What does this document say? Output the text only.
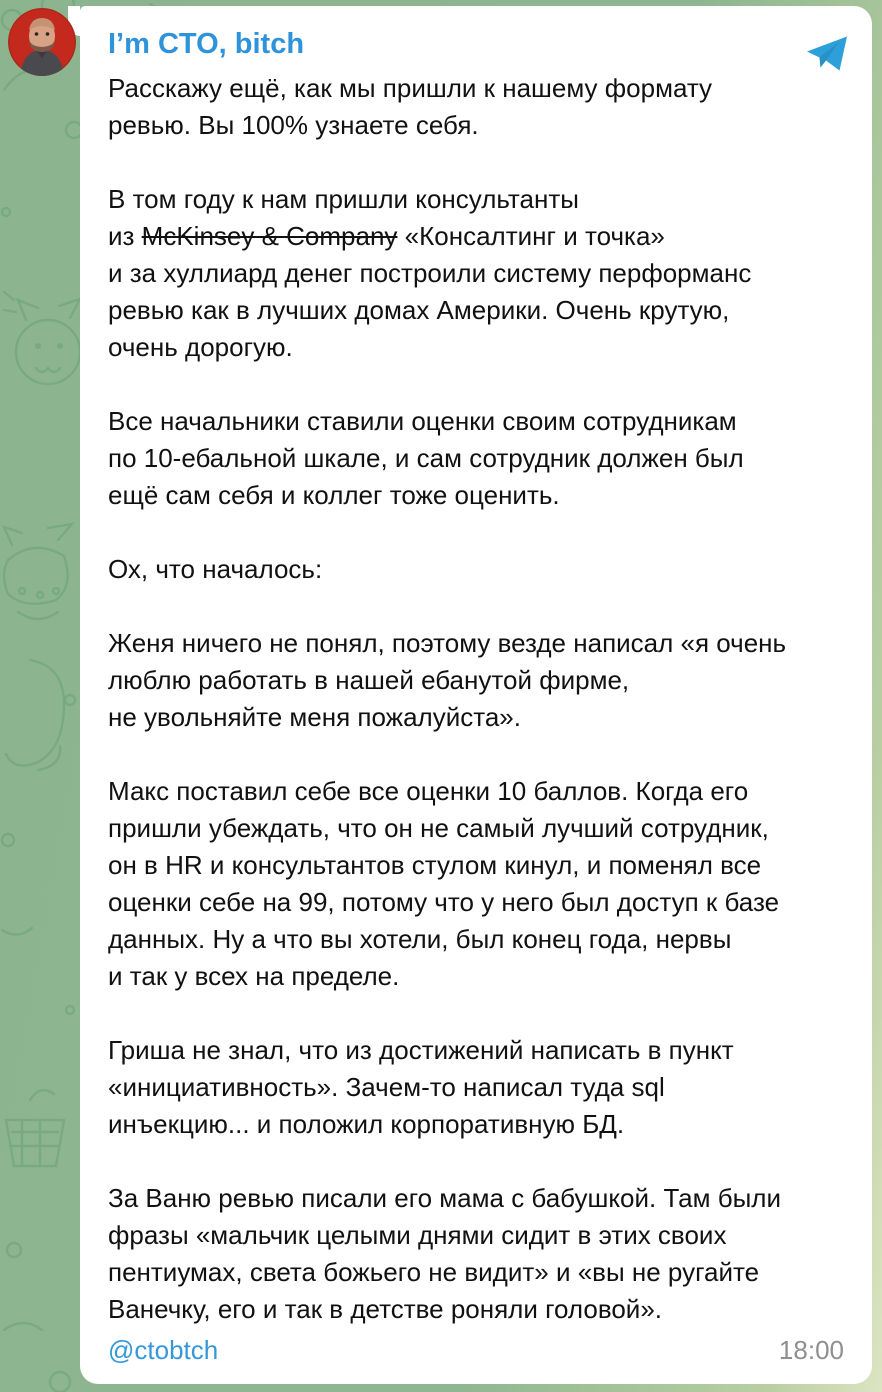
I’m CTO, bitch
Расскажу ещё, как мы пришли к нашему формату
ревью. Вы 100% узнаете себя.
В том году к нам пришли консультанты
из McKinsey & Company «Консалтинг и точка»
и за хуллиард денег построили систему перформанс
ревью как в лучших домах Америки. Очень крутую,
очень дорогую.
Все начальники ставили оценки своим сотрудникам
по 10-ебальной шкале, и сам сотрудник должен был
ещё сам себя и коллег тоже оценить.
Ох, что началось:
Женя ничего не понял, поэтому везде написал «я очень
люблю работать в нашей ебанутой фирме,
не увольняйте меня пожалуйста».
Макс поставил себе все оценки 10 баллов. Когда его
пришли убеждать, что он не самый лучший сотрудник,
он в HR и консультантов стулом кинул, и поменял все
оценки себе на 99, потому что у него был доступ к базе
данных. Ну а что вы хотели, был конец года, нервы
и так у всех на пределе.
Гриша не знал, что из достижений написать в пункт
«инициативность». Зачем-то написал туда sql
инъекцию... и положил корпоративную БД.
За Ваню ревью писали его мама с бабушкой. Там были
фразы «мальчик целыми днями сидит в этих своих
пентиумах, света божьего не видит» и «вы не ругайте
Ванечку, его и так в детстве роняли головой».
@ctobtch	18:00
